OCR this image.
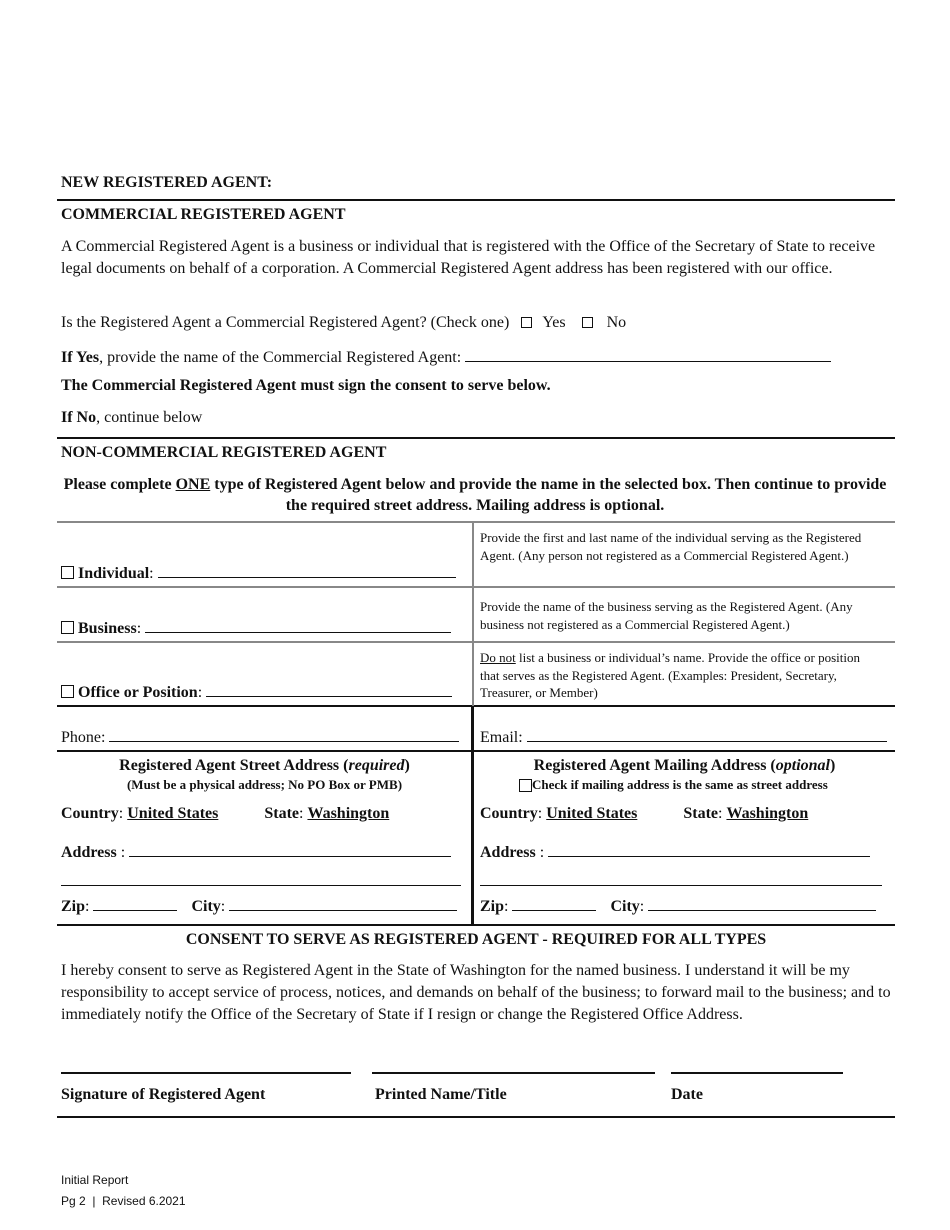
NEW REGISTERED AGENT:
COMMERCIAL REGISTERED AGENT
A Commercial Registered Agent is a business or individual that is registered with the Office of the Secretary of State to receive legal documents on behalf of a corporation. A Commercial Registered Agent address has been registered with our office.
Is the Registered Agent a Commercial Registered Agent? (Check one) Yes	No
If Yes, provide the name of the Commercial Registered Agent:
The Commercial Registered Agent must sign the consent to serve below.
If No, continue below
NON-COMMERCIAL REGISTERED AGENT
Please complete ONE type of Registered Agent below and provide the name in the selected box. Then continue to provide the required street address. Mailing address is optional.
Individual:
Provide the first and last name of the individual serving as the Registered Agent. (Any person not registered as a Commercial Registered Agent.)
Business:
Provide the name of the business serving as the Registered Agent. (Any business not registered as a Commercial Registered Agent.)
Office or Position:
Do not list a business or individual’s name. Provide the office or position that serves as the Registered Agent. (Examples: President, Secretary, Treasurer, or Member)
Phone:	Email:
Registered Agent Street Address (required)
(Must be a physical address; No PO Box or PMB)
Country: United States	State: Washington
Address :
Zip:	City:
Registered Agent Mailing Address (optional)
Check if mailing address is the same as street address
Country: United States	State: Washington
Address :
Zip:	City:
CONSENT TO SERVE AS REGISTERED AGENT - REQUIRED FOR ALL TYPES
I hereby consent to serve as Registered Agent in the State of Washington for the named business. I understand it will be my responsibility to accept service of process, notices, and demands on behalf of the business; to forward mail to the business; and to immediately notify the Office of the Secretary of State if I resign or change the Registered Office Address.
Signature of Registered Agent	Printed Name/Title	Date
Initial Report
Pg 2  |  Revised 6.2021
